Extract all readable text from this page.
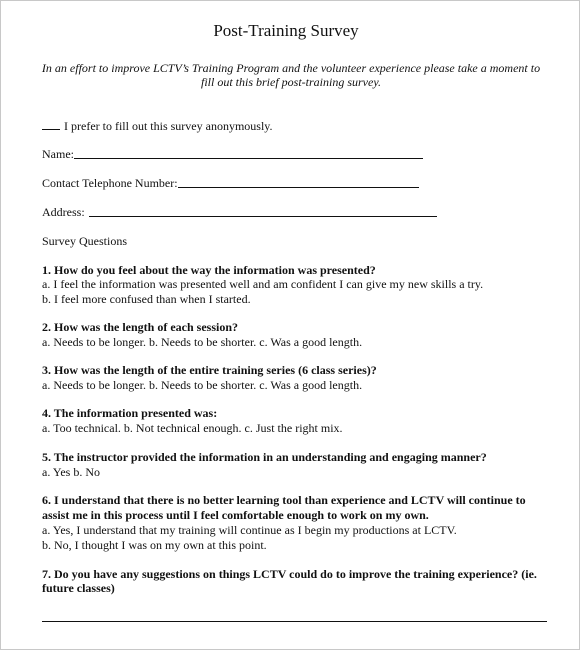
Post-Training Survey
In an effort to improve LCTV’s Training Program and the volunteer experience please take a moment to
fill out this brief post-training survey.
I prefer to fill out this survey anonymously.
Name:
Contact Telephone Number:
Address:
Survey Questions
1. How do you feel about the way the information was presented?
a. I feel the information was presented well and am confident I can give my new skills a try.
b. I feel more confused than when I started.
2. How was the length of each session?
a. Needs to be longer. b. Needs to be shorter. c. Was a good length.
3. How was the length of the entire training series (6 class series)?
a. Needs to be longer. b. Needs to be shorter. c. Was a good length.
4. The information presented was:
a. Too technical. b. Not technical enough. c. Just the right mix.
5. The instructor provided the information in an understanding and engaging manner?
a. Yes b. No
6. I understand that there is no better learning tool than experience and LCTV will continue to
assist me in this process until I feel comfortable enough to work on my own.
a. Yes, I understand that my training will continue as I begin my productions at LCTV.
b. No, I thought I was on my own at this point.
7. Do you have any suggestions on things LCTV could do to improve the training experience? (ie.
future classes)
